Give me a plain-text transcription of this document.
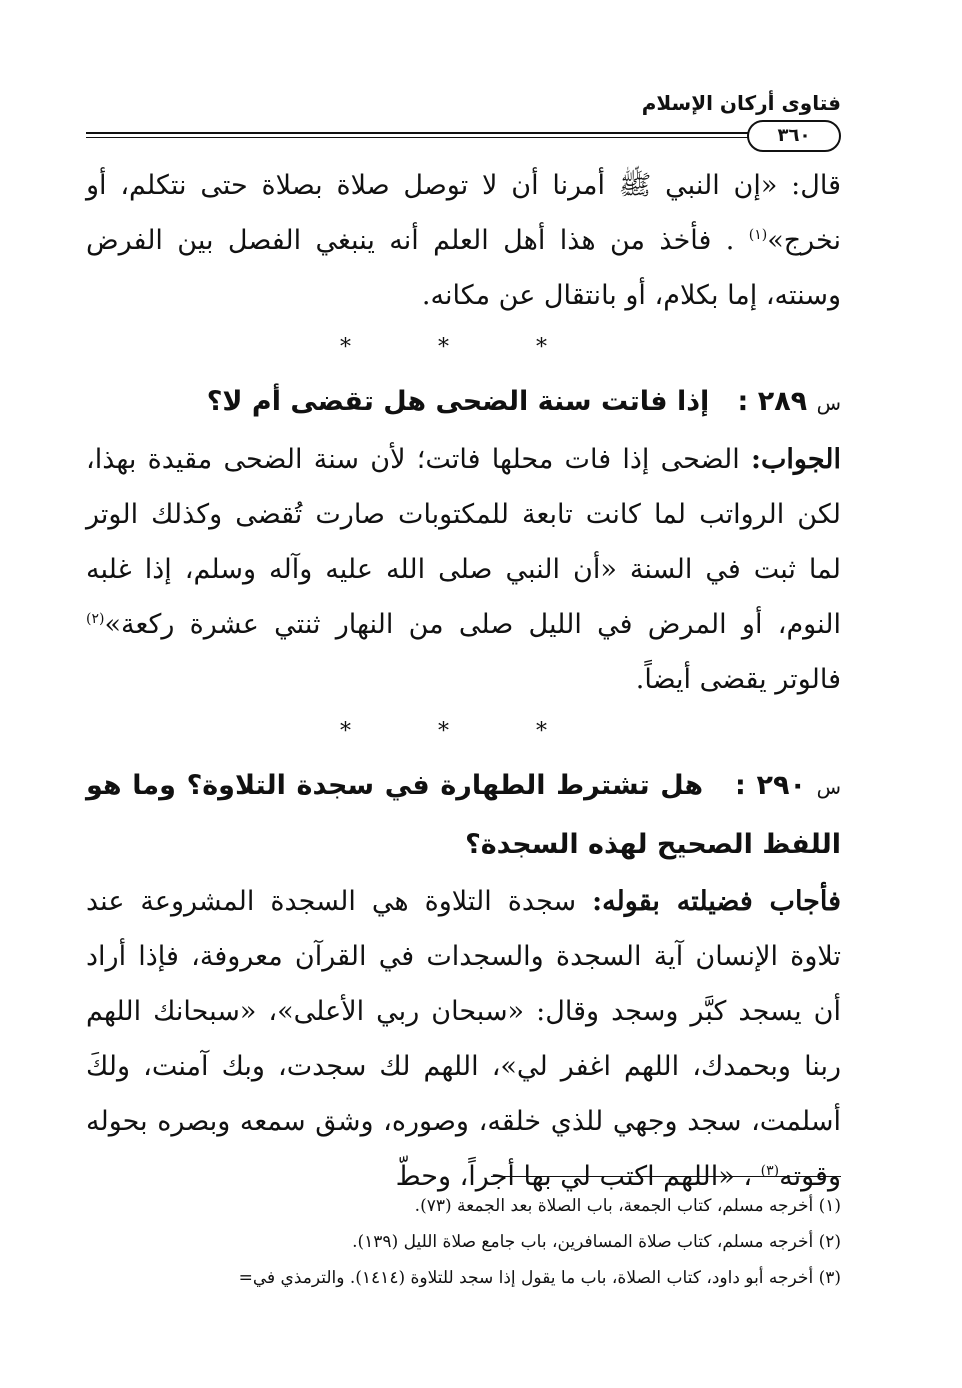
فتاوى أركان الإسلام
٣٦٠

قال: «إن النبي ﷺ أمرنا أن لا توصل صلاة بصلاة حتى نتكلم، أو نخرج»$^{(١)}$ . فأخذ من هذا أهل العلم أنه ينبغي الفصل بين الفرض وسنته، إما بكلام، أو بانتقال عن مكانه.

* * *

س ٢٨٩ :   إذا فاتت سنة الضحى هل تقضى أم لا؟

الجواب: الضحى إذا فات محلها فاتت؛ لأن سنة الضحى مقيدة بهذا، لكن الرواتب لما كانت تابعة للمكتوبات صارت تُقضى وكذلك الوتر لما ثبت في السنة «أن النبي صلى الله عليه وآله وسلم، إذا غلبه النوم، أو المرض في الليل صلى من النهار ثنتي عشرة ركعة»$^{(٢)}$ فالوتر يقضى أيضاً.

* * *

س ٢٩٠ :   هل تشترط الطهارة في سجدة التلاوة؟ وما هو اللفظ الصحيح لهذه السجدة؟

فأجاب فضيلته بقوله: سجدة التلاوة هي السجدة المشروعة عند تلاوة الإنسان آية السجدة والسجدات في القرآن معروفة، فإذا أراد أن يسجد كبَّر وسجد وقال: «سبحان ربي الأعلى»، «سبحانك اللهم ربنا وبحمدك، اللهم اغفر لي»، اللهم لك سجدت، وبك آمنت، ولكَ أسلمت، سجد وجهي للذي خلقه، وصوره، وشق سمعه وبصره بحوله وقوته$^{(٣)}$ ، «اللهم اكتب لي بها أجراً، وحطّ

(١) أخرجه مسلم، كتاب الجمعة، باب الصلاة بعد الجمعة (٧٣).

(٢) أخرجه مسلم، كتاب صلاة المسافرين، باب جامع صلاة الليل (١٣٩).

(٣) أخرجه أبو داود، كتاب الصلاة، باب ما يقول إذا سجد للتلاوة (١٤١٤). والترمذي في=
